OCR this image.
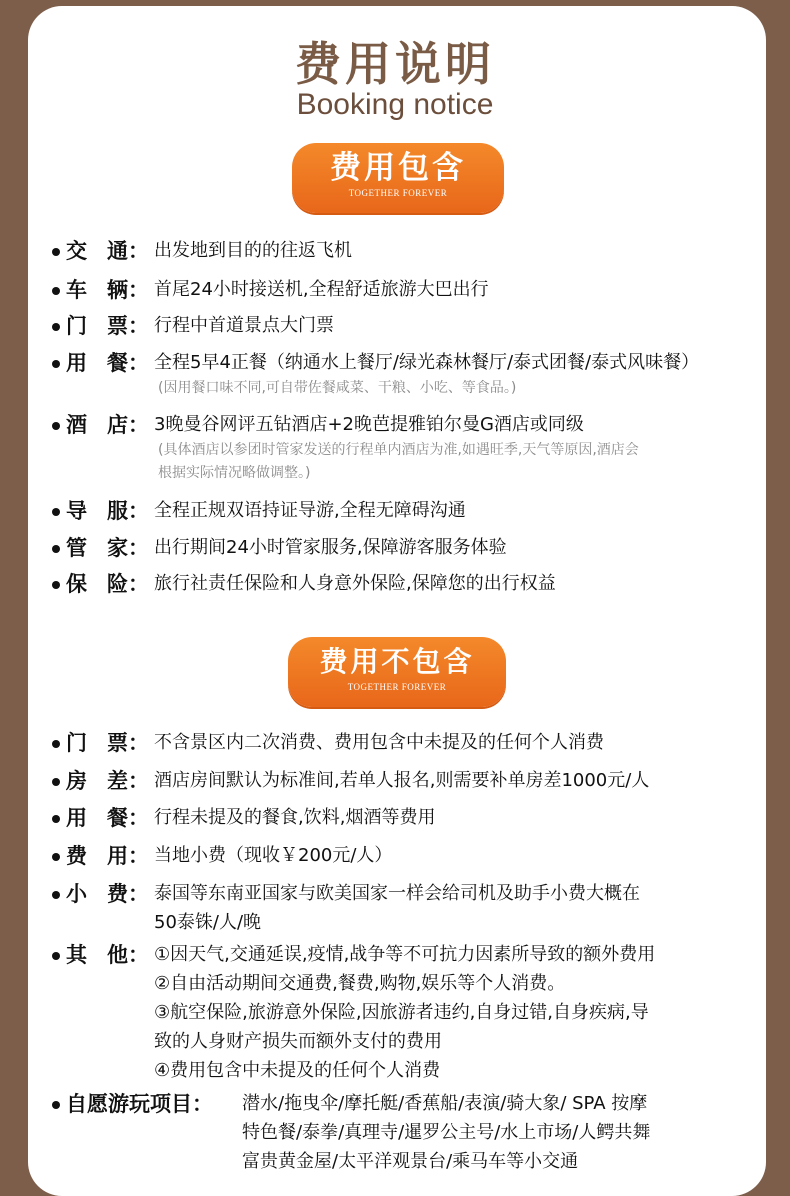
费用说明
Booking notice
费用包含
TOGETHER FOREVER
交 通： 出发地到目的的往返飞机
车 辆： 首尾24小时接送机,全程舒适旅游大巴出行
门 票： 行程中首道景点大门票
用 餐： 全程5早4正餐（纳通水上餐厅/绿光森林餐厅/泰式团餐/泰式风味餐）
(因用餐口味不同,可自带佐餐咸菜、干粮、小吃、等食品。)
酒 店： 3晚曼谷网评五钻酒店+2晚芭提雅铂尔曼G酒店或同级
(具体酒店以参团时管家发送的行程单内酒店为准,如遇旺季,天气等原因,酒店会
根据实际情况略做调整。)
导 服： 全程正规双语持证导游,全程无障碍沟通
管 家： 出行期间24小时管家服务,保障游客服务体验
保 险： 旅行社责任保险和人身意外保险,保障您的出行权益
费用不包含
TOGETHER FOREVER
门 票： 不含景区内二次消费、费用包含中未提及的任何个人消费
房 差： 酒店房间默认为标准间,若单人报名,则需要补单房差1000元/人
用 餐： 行程未提及的餐食,饮料,烟酒等费用
费 用： 当地小费（现收￥200元/人）
小 费： 泰国等东南亚国家与欧美国家一样会给司机及助手小费大概在
50泰铢/人/晚
其 他： ①因天气,交通延误,疫情,战争等不可抗力因素所导致的额外费用
②自由活动期间交通费,餐费,购物,娱乐等个人消费。
③航空保险,旅游意外保险,因旅游者违约,自身过错,自身疾病,导
致的人身财产损失而额外支付的费用
④费用包含中未提及的任何个人消费
自愿游玩项目： 潜水/拖曳伞/摩托艇/香蕉船/表演/骑大象/ SPA 按摩
特色餐/泰拳/真理寺/暹罗公主号/水上市场/人鳄共舞
富贵黄金屋/太平洋观景台/乘马车等小交通
